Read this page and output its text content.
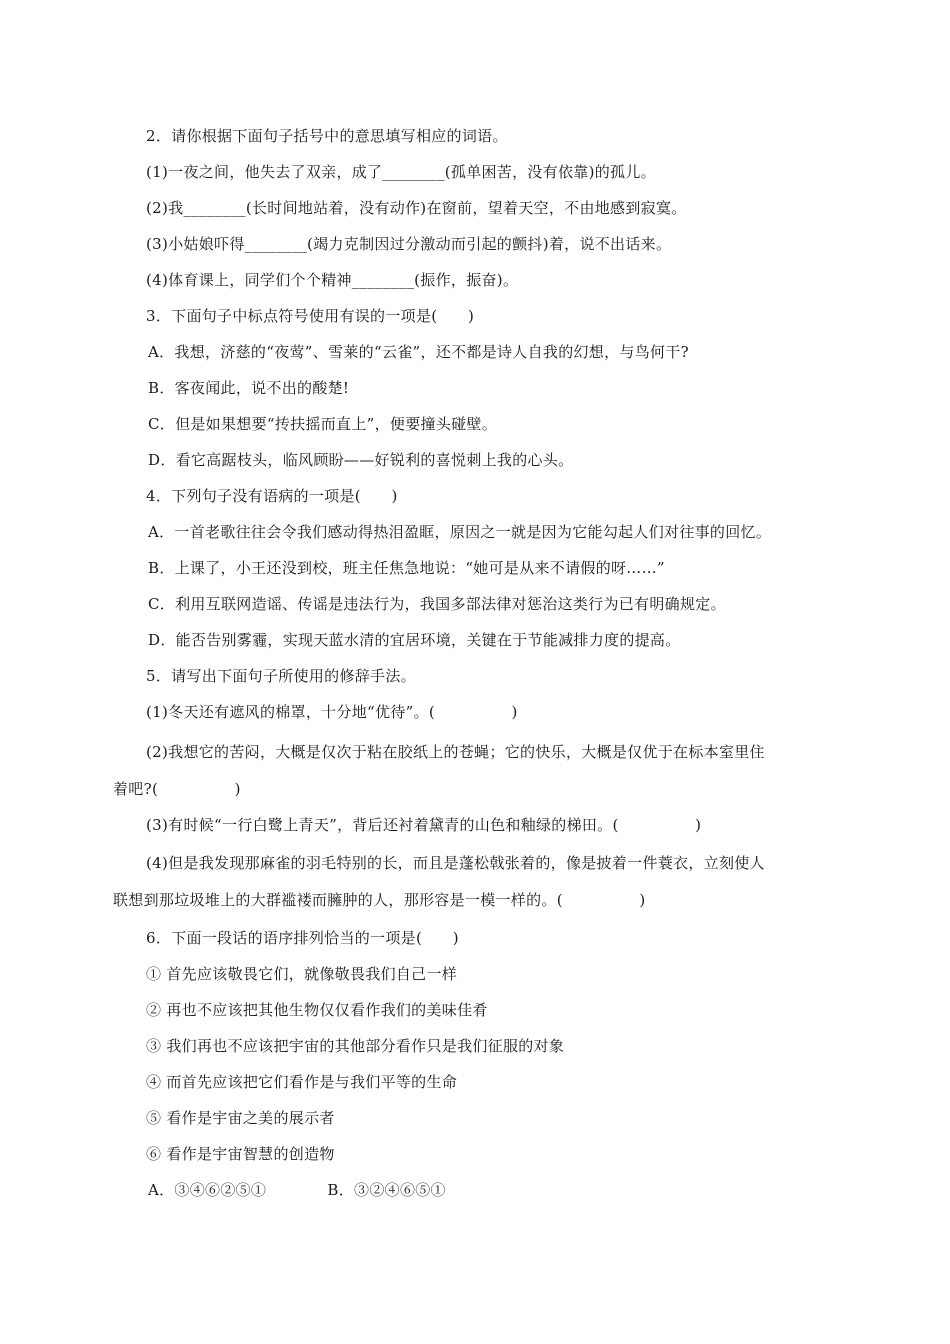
2．请你根据下面句子括号中的意思填写相应的词语。
(1)一夜之间，他失去了双亲，成了________(孤单困苦，没有依靠)的孤儿。
(2)我________(长时间地站着，没有动作)在窗前，望着天空，不由地感到寂寞。
(3)小姑娘吓得________(竭力克制因过分激动而引起的颤抖)着，说不出话来。
(4)体育课上，同学们个个精神________(振作，振奋)。
3．下面句子中标点符号使用有误的一项是(　　)
A．我想，济慈的“夜莺”、雪莱的“云雀”，还不都是诗人自我的幻想，与鸟何干?
B．客夜闻此，说不出的酸楚!
C．但是如果想要“抟扶摇而直上”，便要撞头碰壁。
D．看它高踞枝头，临风顾盼——好锐利的喜悦刺上我的心头。
4．下列句子没有语病的一项是(　　)
A．一首老歌往往会令我们感动得热泪盈眶，原因之一就是因为它能勾起人们对往事的回忆。
B．上课了，小王还没到校，班主任焦急地说：“她可是从来不请假的呀……”
C．利用互联网造谣、传谣是违法行为，我国多部法律对惩治这类行为已有明确规定。
D．能否告别雾霾，实现天蓝水清的宜居环境，关键在于节能减排力度的提高。
5．请写出下面句子所使用的修辞手法。
(1)冬天还有遮风的棉罩，十分地“优待”。(　　　　　)
(2)我想它的苦闷，大概是仅次于粘在胶纸上的苍蝇；它的快乐，大概是仅优于在标本室里住
着吧?(　　　　　)
(3)有时候“一行白鹭上青天”，背后还衬着黛青的山色和釉绿的梯田。(　　　　　)
(4)但是我发现那麻雀的羽毛特别的长，而且是蓬松戟张着的，像是披着一件蓑衣，立刻使人
联想到那垃圾堆上的大群褴褛而臃肿的人，那形容是一模一样的。(　　　　　)
6．下面一段话的语序排列恰当的一项是(　　)
① 首先应该敬畏它们，就像敬畏我们自己一样
② 再也不应该把其他生物仅仅看作我们的美味佳肴
③ 我们再也不应该把宇宙的其他部分看作只是我们征服的对象
④ 而首先应该把它们看作是与我们平等的生命
⑤ 看作是宇宙之美的展示者
⑥ 看作是宇宙智慧的创造物
A．③④⑥②⑤①　　　　B．③②④⑥⑤①
